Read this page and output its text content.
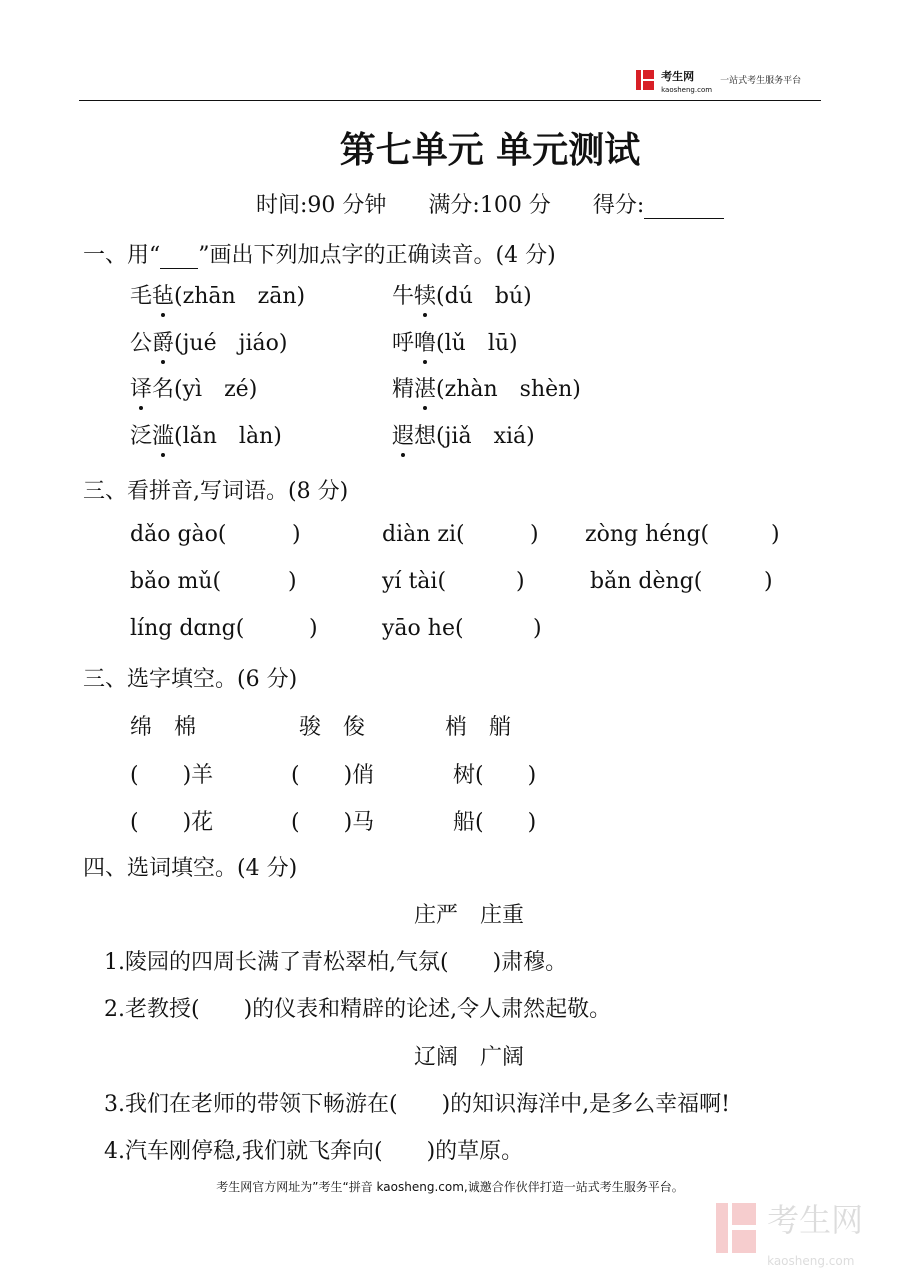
考生网
kaosheng.com $^{一站式考生服务平台}$
第七单元 单元测试
时间:90 分钟 满分:100 分 得分:
一、用“ ”画出下列加点字的正确读音。(4 分)
毛毡(zhān　zān)	牛犊(dú　bú)
公爵(jué　jiáo)	呼噜(lǔ　lū)
译名(yì　zé)	精湛(zhàn　shèn)
泛滥(lǎn　làn)	遐想(jiǎ　xiá)
三、看拼音,写词语。(8 分)
dǎo gào(	)	diàn zi(	) zòng héng(	)
bǎo mǔ(	)	yí tài(	)	bǎn dèng(	)
líng dɑng(	)	yāo he(	)
三、选字填空。(6 分)
绵　棉	骏　俊	梢　艄
(　　)羊	(　　)俏	树(　　)
(　　)花	(　　)马	船(　　)
四、选词填空。(4 分)
庄严　庄重
1.陵园的四周长满了青松翠柏,气氛(　　)肃穆。
2.老教授(　　)的仪表和精辟的论述,令人肃然起敬。
辽阔　广阔
3.我们在老师的带领下畅游在(　　)的知识海洋中,是多么幸福啊!
4.汽车刚停稳,我们就飞奔向(　　)的草原。
考生网官方网址为”考生“拼音 kaosheng.com,诚邀合作伙伴打造一站式考生服务平台。
考生网
kaosheng.com
